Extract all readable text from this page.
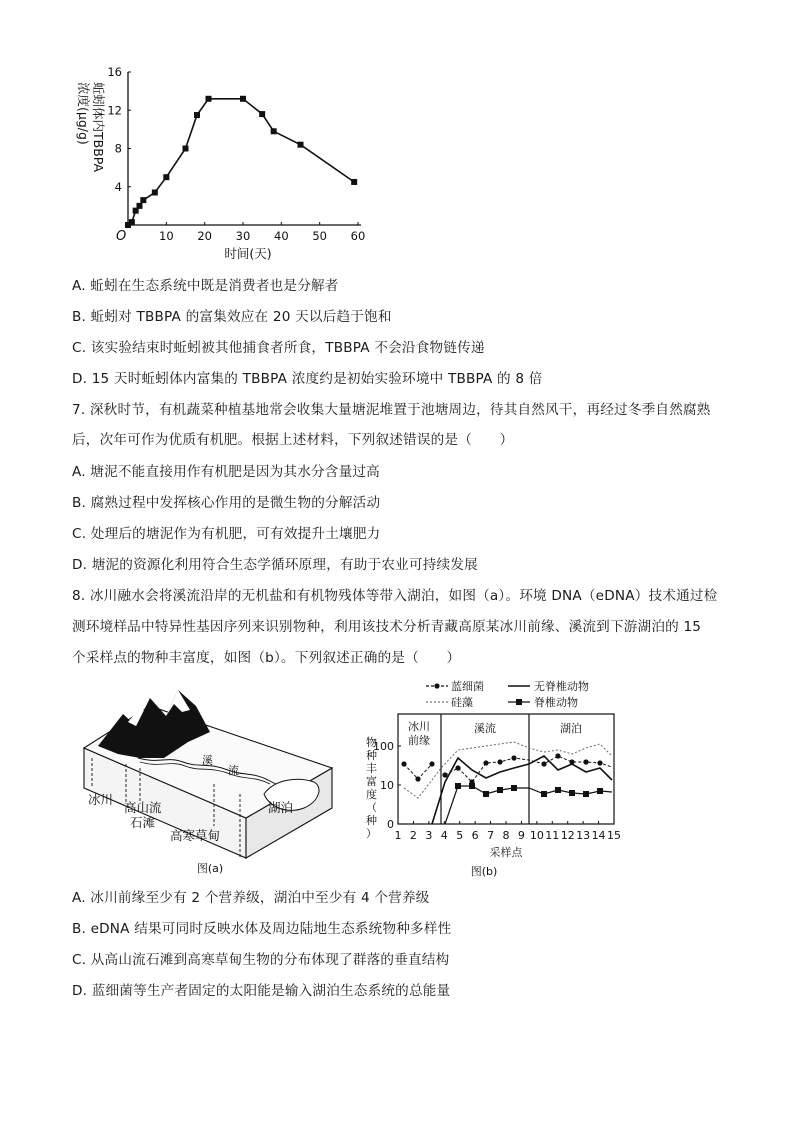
O	10 20 30 40 50 60
4
8
12
16
时间(天)
蚯蚓体内TBBPA 浓度(μg/g)
A. 蚯蚓在生态系统中既是消费者也是分解者
B. 蚯蚓对 TBBPA 的富集效应在 20 天以后趋于饱和
C. 该实验结束时蚯蚓被其他捕食者所食，TBBPA 不会沿食物链传递
D. 15 天时蚯蚓体内富集的 TBBPA 浓度约是初始实验环境中 TBBPA 的 8 倍
7. 深秋时节，有机蔬菜种植基地常会收集大量塘泥堆置于池塘周边，待其自然风干，再经过冬季自然腐熟
后，次年可作为优质有机肥。根据上述材料，下列叙述错误的是（　　）
A. 塘泥不能直接用作有机肥是因为其水分含量过高
B. 腐熟过程中发挥核心作用的是微生物的分解活动
C. 处理后的塘泥作为有机肥，可有效提升土壤肥力
D. 塘泥的资源化利用符合生态学循环原理，有助于农业可持续发展
8. 冰川融水会将溪流沿岸的无机盐和有机物残体等带入湖泊，如图（a）。环境 DNA（eDNA）技术通过检
测环境样品中特异性基因序列来识别物种，利用该技术分析青藏高原某冰川前缘、溪流到下游湖泊的 15
个采样点的物种丰富度，如图（b）。下列叙述正确的是（　　）
冰川
高山流石滩
高寒草甸
溪
流
湖泊
图(a)
蓝细菌	无脊椎动物
硅藻	脊椎动物
冰川
前缘
溪流	湖泊
100
10
0
物种丰富度（种） 1 2 3 4 5 6 7 8 9 10 11 12 13 14 15
采样点
图(b)
A. 冰川前缘至少有 2 个营养级，湖泊中至少有 4 个营养级
B. eDNA 结果可同时反映水体及周边陆地生态系统物种多样性
C. 从高山流石滩到高寒草甸生物的分布体现了群落的垂直结构
D. 蓝细菌等生产者固定的太阳能是输入湖泊生态系统的总能量
